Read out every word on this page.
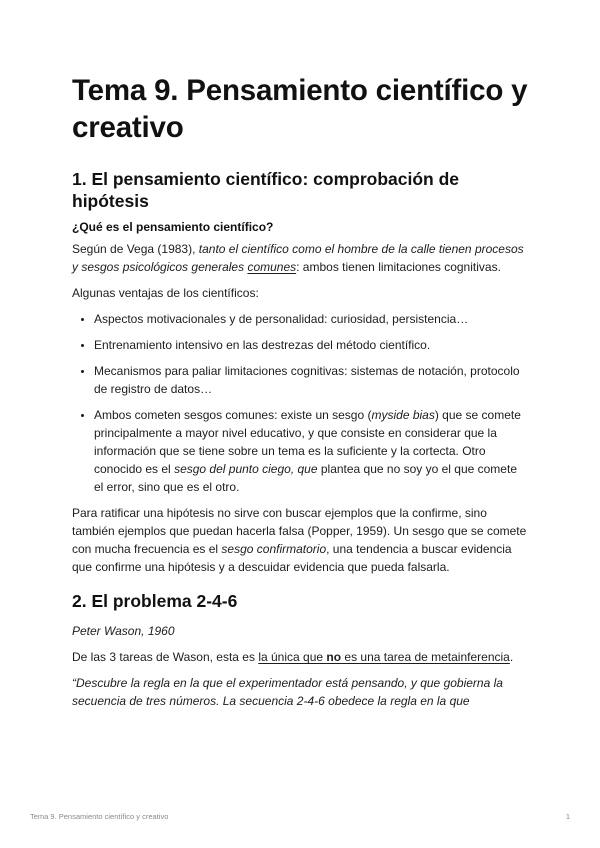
Tema 9. Pensamiento científico y creativo
1. El pensamiento científico: comprobación de hipótesis
¿Qué es el pensamiento científico?

Según de Vega (1983), tanto el científico como el hombre de la calle tienen procesos y sesgos psicológicos generales comunes: ambos tienen limitaciones cognitivas.

Algunas ventajas de los científicos:

• Aspectos motivacionales y de personalidad: curiosidad, persistencia…
• Entrenamiento intensivo en las destrezas del método científico.
• Mecanismos para paliar limitaciones cognitivas: sistemas de notación, protocolo de registro de datos…
• Ambos cometen sesgos comunes: existe un sesgo (myside bias) que se comete principalmente a mayor nivel educativo, y que consiste en considerar que la información que se tiene sobre un tema es la suficiente y la cortecta. Otro conocido es el sesgo del punto ciego, que plantea que no soy yo el que comete el error, sino que es el otro.

Para ratificar una hipótesis no sirve con buscar ejemplos que la confirme, sino también ejemplos que puedan hacerla falsa (Popper, 1959). Un sesgo que se comete con mucha frecuencia es el sesgo confirmatorio, una tendencia a buscar evidencia que confirme una hipótesis y a descuidar evidencia que pueda falsarla.

2. El problema 2-4-6

Peter Wason, 1960

De las 3 tareas de Wason, esta es la única que no es una tarea de metainferencia.

“Descubre la regla en la que el experimentador está pensando, y que gobierna la secuencia de tres números. La secuencia 2-4-6 obedece la regla en la que

Tema 9. Pensamiento científico y creativo	1
